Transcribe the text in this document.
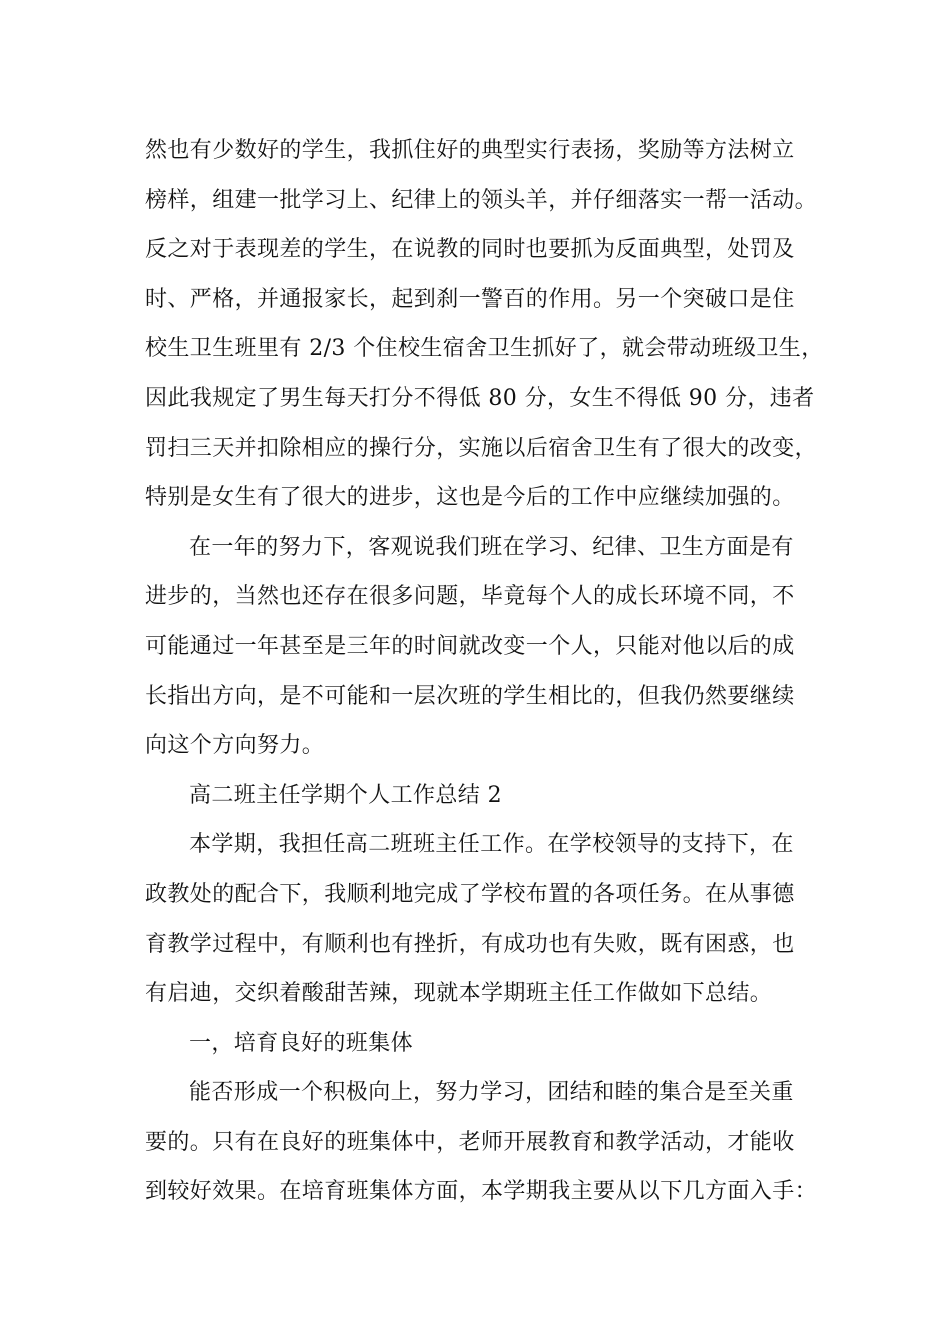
然也有少数好的学生，我抓住好的典型实行表扬，奖励等方法树立
榜样，组建一批学习上、纪律上的领头羊，并仔细落实一帮一活动。
反之对于表现差的学生，在说教的同时也要抓为反面典型，处罚及
时、严格，并通报家长，起到刹一警百的作用。另一个突破口是住
校生卫生班里有 2/3 个住校生宿舍卫生抓好了，就会带动班级卫生，
因此我规定了男生每天打分不得低 80 分，女生不得低 90 分，违者
罚扫三天并扣除相应的操行分，实施以后宿舍卫生有了很大的改变，
特别是女生有了很大的进步，这也是今后的工作中应继续加强的。
在一年的努力下，客观说我们班在学习、纪律、卫生方面是有
进步的，当然也还存在很多问题，毕竟每个人的成长环境不同，不
可能通过一年甚至是三年的时间就改变一个人，只能对他以后的成
长指出方向，是不可能和一层次班的学生相比的，但我仍然要继续
向这个方向努力。
高二班主任学期个人工作总结 2
本学期，我担任高二班班主任工作。在学校领导的支持下，在
政教处的配合下，我顺利地完成了学校布置的各项任务。在从事德
育教学过程中，有顺利也有挫折，有成功也有失败，既有困惑，也
有启迪，交织着酸甜苦辣，现就本学期班主任工作做如下总结。
一，培育良好的班集体
能否形成一个积极向上，努力学习，团结和睦的集合是至关重
要的。只有在良好的班集体中，老师开展教育和教学活动，才能收
到较好效果。在培育班集体方面，本学期我主要从以下几方面入手：
